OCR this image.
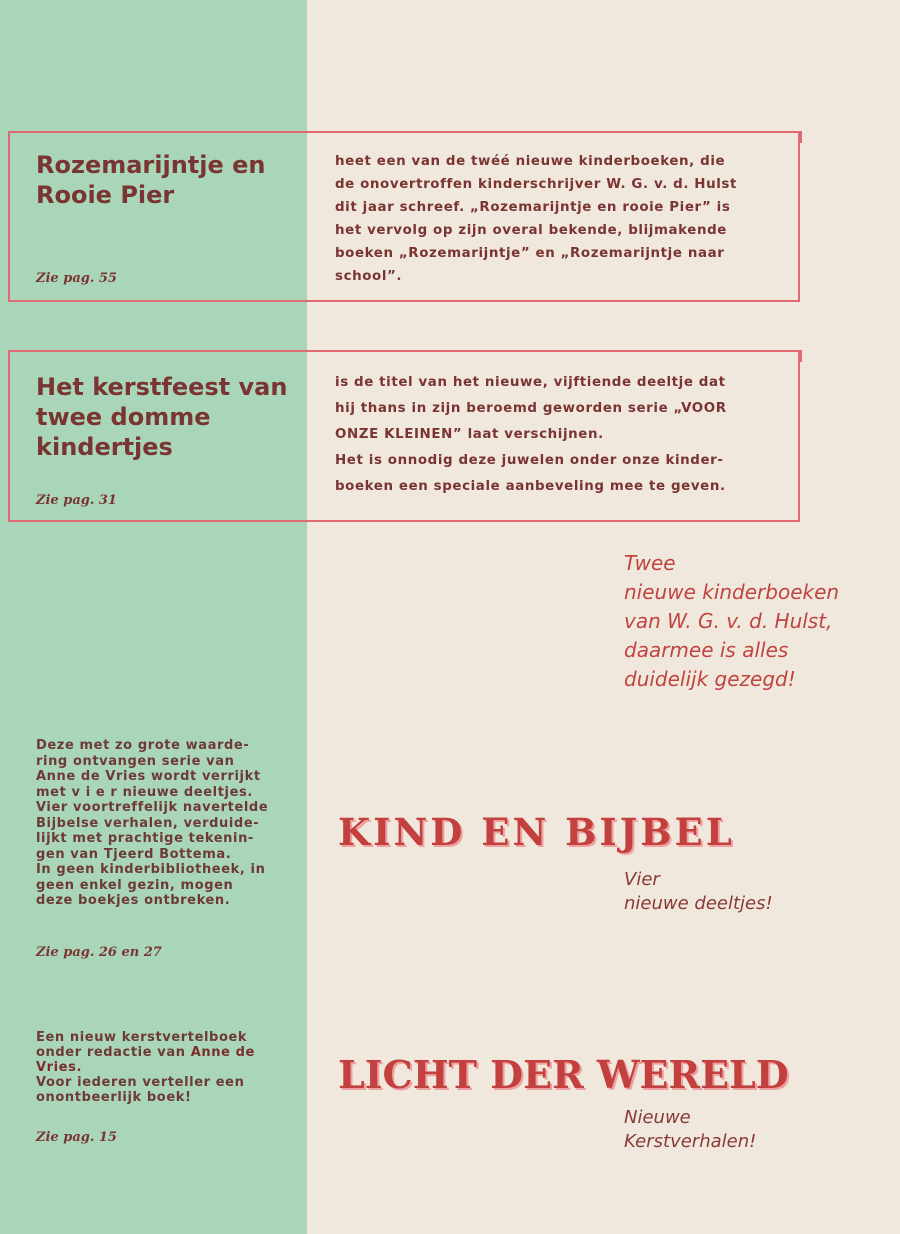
Rozemarijntje en
Rooie Pier
Zie pag. 55
heet een van de twéé nieuwe kinderboeken, die
de onovertroffen kinderschrijver W. G. v. d. Hulst
dit jaar schreef. „Rozemarijntje en rooie Pier” is
het vervolg op zijn overal bekende, blijmakende
boeken „Rozemarijntje” en „Rozemarijntje naar
school”.
Het kerstfeest van
twee domme
kindertjes
Zie pag. 31
is de titel van het nieuwe, vijftiende deeltje dat
hij thans in zijn beroemd geworden serie „VOOR
ONZE KLEINEN” laat verschijnen.
Het is onnodig deze juwelen onder onze kinder-
boeken een speciale aanbeveling mee te geven.
Twee
nieuwe kinderboeken
van W. G. v. d. Hulst,
daarmee is alles
duidelijk gezegd!
Deze met zo grote waarde-
ring ontvangen serie van
Anne de Vries wordt verrijkt
met v i e r nieuwe deeltjes.
Vier voortreffelijk navertelde
Bijbelse verhalen, verduide-
lijkt met prachtige tekenin-
gen van Tjeerd Bottema.
In geen kinderbibliotheek, in
geen enkel gezin, mogen
deze boekjes ontbreken.
Zie pag. 26 en 27
KIND EN BIJBEL
Vier
nieuwe deeltjes!
Een nieuw kerstvertelboek
onder redactie van Anne de
Vries.
Voor iederen verteller een
onontbeerlijk boek!
Zie pag. 15
LICHT DER WERELD
Nieuwe
Kerstverhalen!
